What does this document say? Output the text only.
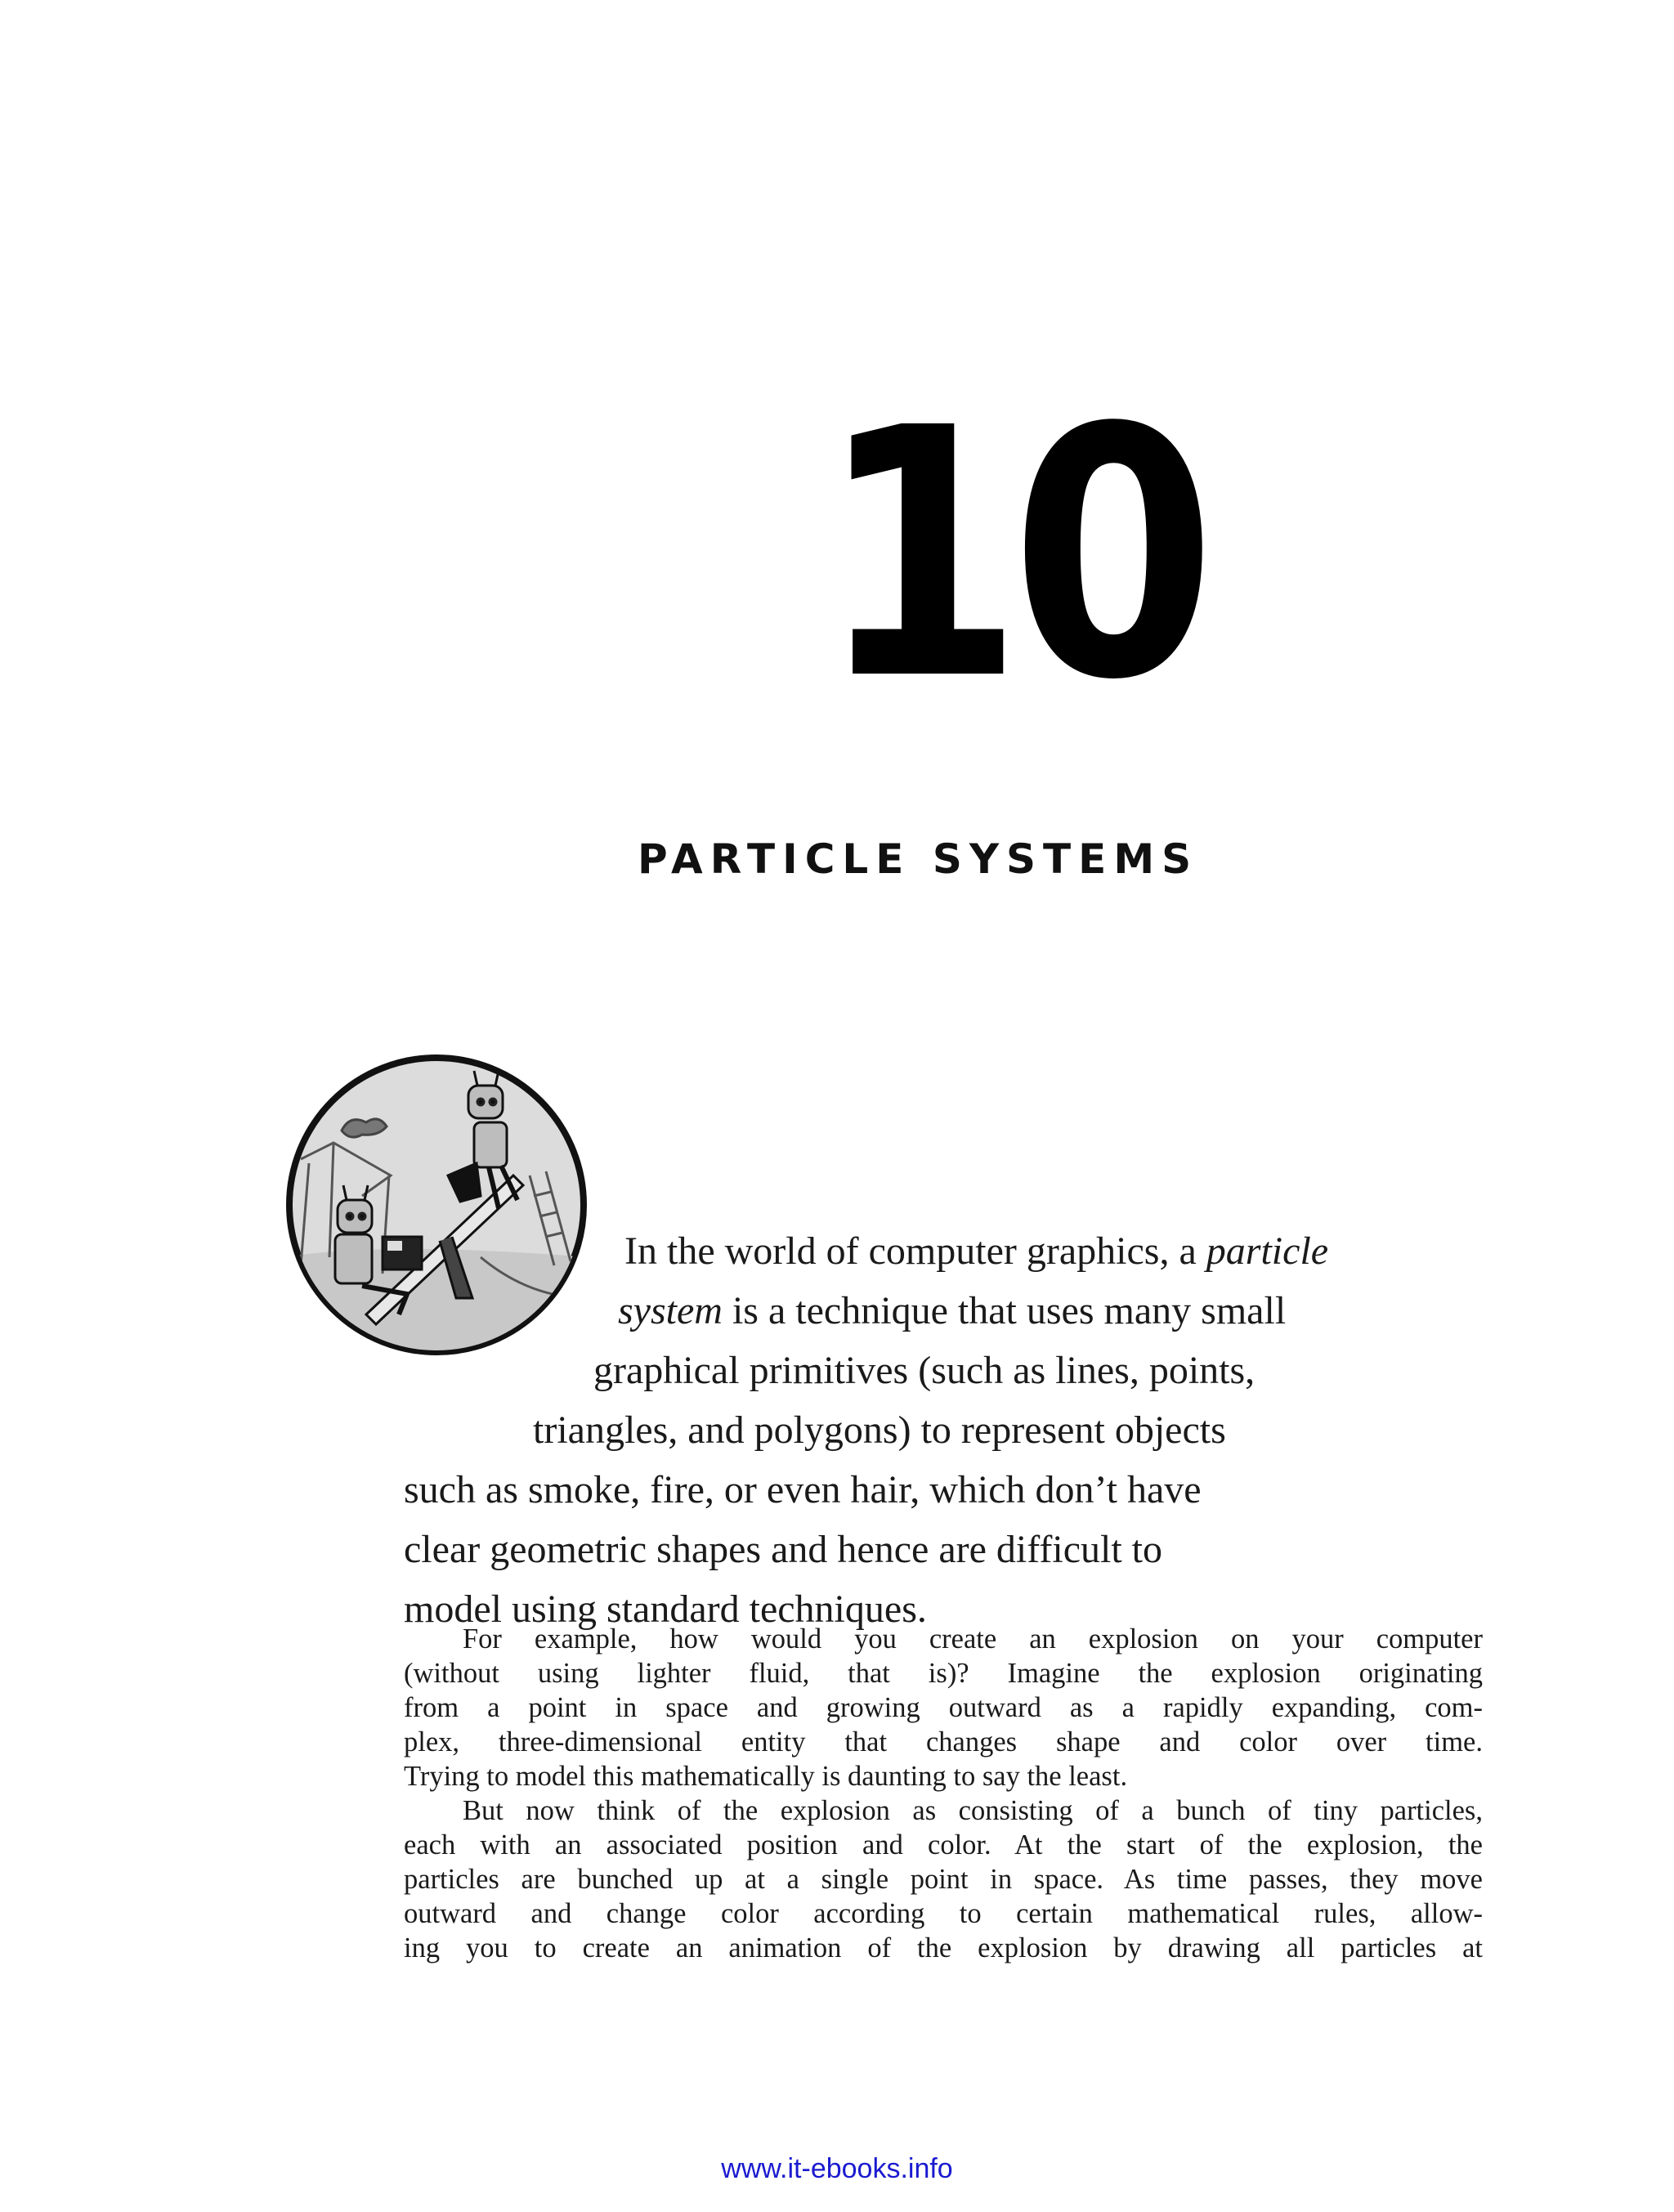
10
PARTICLE SYSTEMS
In the world of computer graphics, a particle
system is a technique that uses many small
graphical primitives (such as lines, points,
triangles, and polygons) to represent objects
such as smoke, fire, or even hair, which don’t have
clear geometric shapes and hence are difficult to
model using standard techniques.
For example, how would you create an explosion on your computer
(without using lighter fluid, that is)? Imagine the explosion originating
from a point in space and growing outward as a rapidly expanding, com-
plex, three-dimensional entity that changes shape and color over time.
Trying to model this mathematically is daunting to say the least.
But now think of the explosion as consisting of a bunch of tiny particles,
each with an associated position and color. At the start of the explosion, the
particles are bunched up at a single point in space. As time passes, they move
outward and change color according to certain mathematical rules, allow-
ing you to create an animation of the explosion by drawing all particles at
www.it-ebooks.info
